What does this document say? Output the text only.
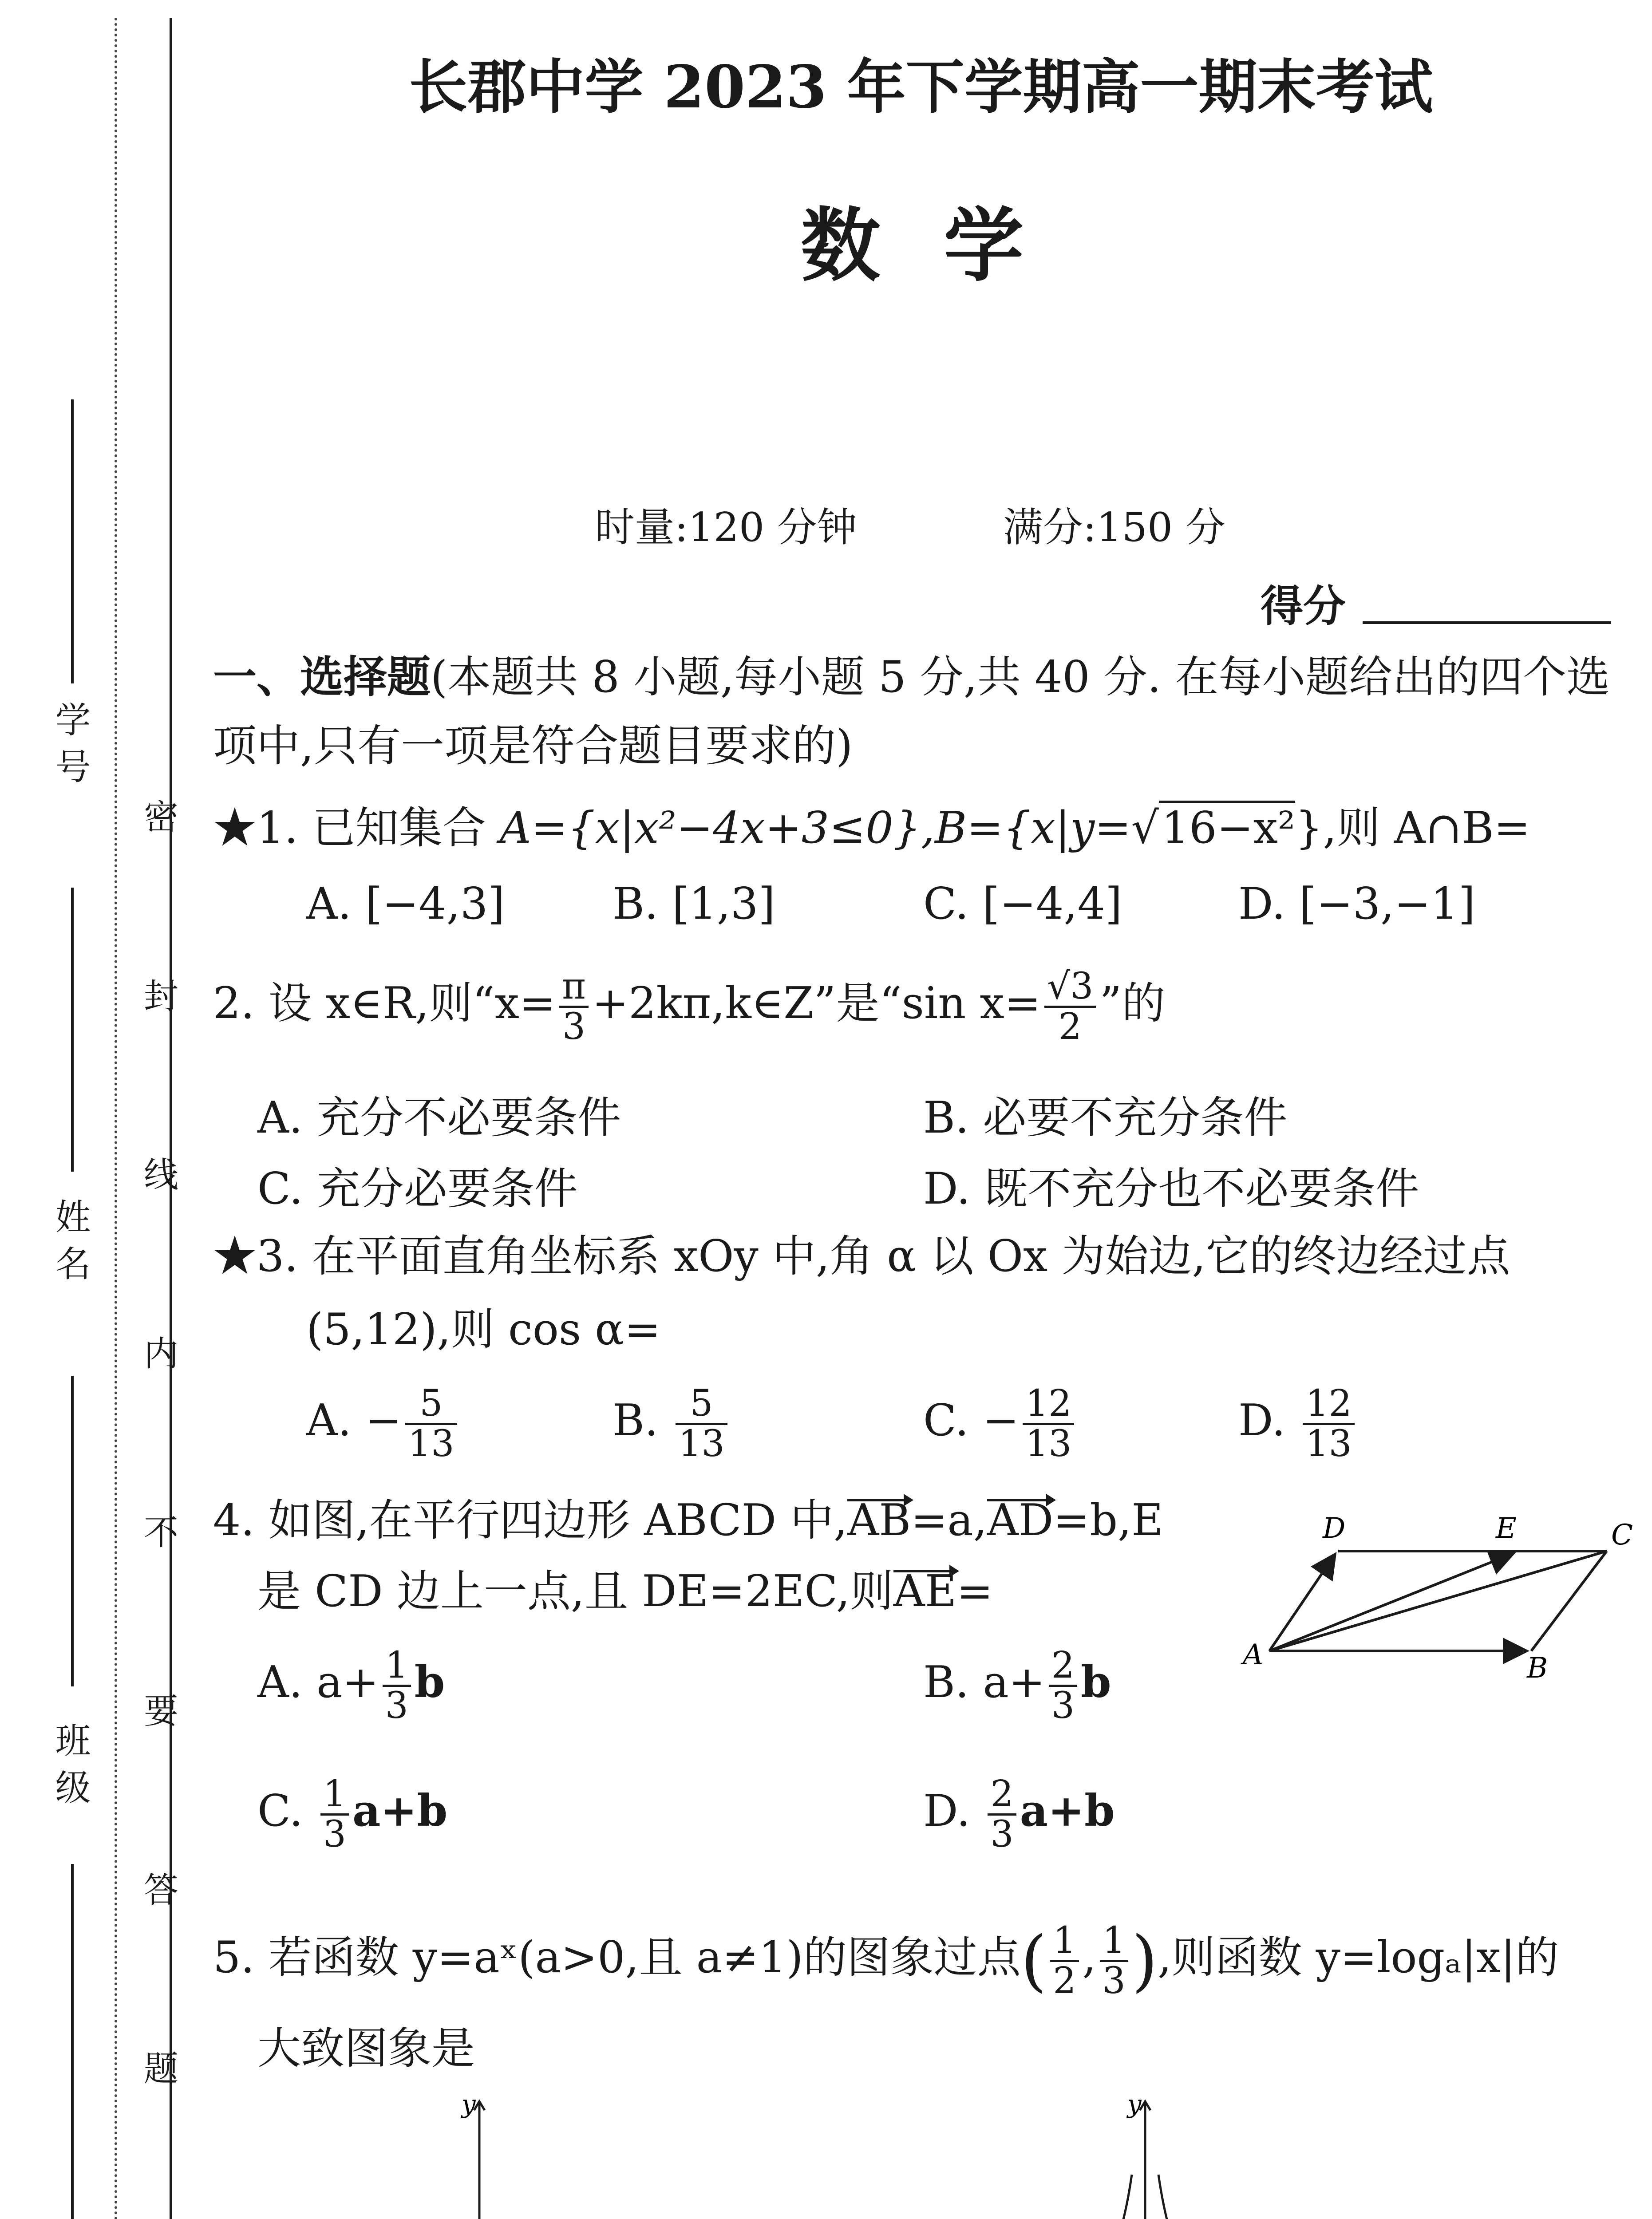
学 号
姓 名
班 级 密 封 线 内 不 要 答 题
长郡中学 2023 年下学期高一期末考试
数 学
时量:120 分钟	满分:150 分
得分
一、选择题(本题共 8 小题,每小题 5 分,共 40 分. 在每小题给出的四个选
项中,只有一项是符合题目要求的)
★1. 已知集合 A={x|x²−4x+3≤0},B={x|y=√16−x²},则 A∩B=
A. [−4,3] B. [1,3]	C. [−4,4]	D. [−3,−1]
2. 设 x∈R,则“$x= \frac{\pi}{3}$ +2kπ,k∈Z”是“sin $x= \frac{√3}{2}$ ”的
A. 充分不必要条件	B. 必要不充分条件
C. 充分必要条件	D. 既不充分也不必要条件
★3. 在平面直角坐标系 xOy 中,角 α 以 Ox 为始边,它的终边经过点
(5,12),则 cos α=
A. − $\frac{5}{13}$	B. $\frac{5}{13}$	C. − $\frac{12}{13}$	D. $\frac{12}{13}$
4. 如图,在平行四边形 ABCD 中,AB=a,AD=b,E
是 CD 边上一点,且 DE=2EC,则AE=
A. $a+ \frac{1}{3}$ b	B. $a+ \frac{2}{3}$ b
C. $\frac{1}{3} a+b$	D. $\frac{2}{3} a+b$
A	B
C
D	E
5. 若函数 y=aˣ(a>0,且 a≠1)的图象过点( $\frac{1}{2}$ , $\frac{1}{3}$ ),则函数 y=logₐ|x|的
大致图象是
y	y
